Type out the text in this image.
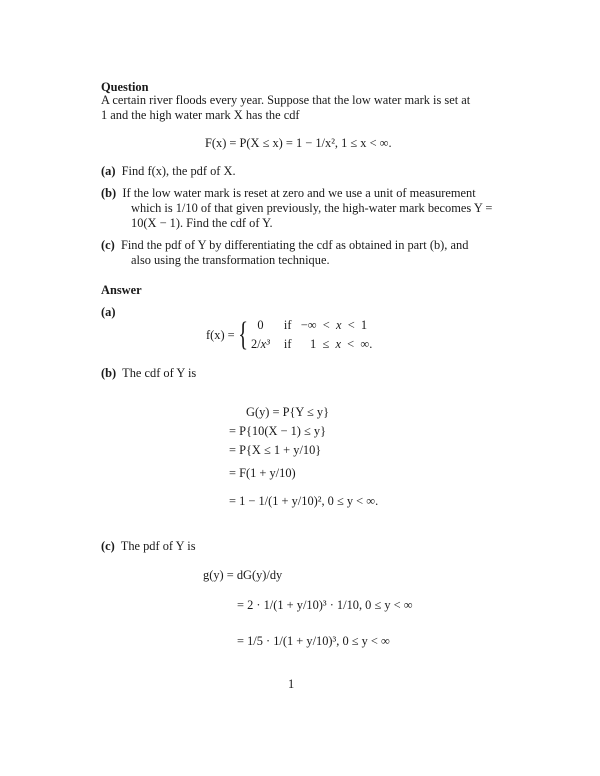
Question
A certain river floods every year. Suppose that the low water mark is set at
1 and the high water mark X has the cdf
F(x) = P(X ≤ x) = 1 − 1/x², 1 ≤ x < ∞.
(a) Find f(x), the pdf of X.
(b) If the low water mark is reset at zero and we use a unit of measurement
which is 1/10 of that given previously, the high-water mark becomes Y =
10(X − 1). Find the cdf of Y.
(c) Find the pdf of Y by differentiating the cdf as obtained in part (b), and
also using the transformation technique.
Answer
(a)
f(x) = { 0	if −∞ < x < 1
2/x³ if 1 ≤ x < ∞.
(b) The cdf of Y is
G(y) = P{Y ≤ y}
= P{10(X − 1) ≤ y}
= P{X ≤ 1 + y/10}
= F(1 + y/10)
= 1 − 1/(1 + y/10)², 0 ≤ y < ∞.
(c) The pdf of Y is
g(y) = dG(y)/dy
= 2 · 1/(1 + y/10)³ · 1/10, 0 ≤ y < ∞
= 1/5 · 1/(1 + y/10)³, 0 ≤ y < ∞
1
